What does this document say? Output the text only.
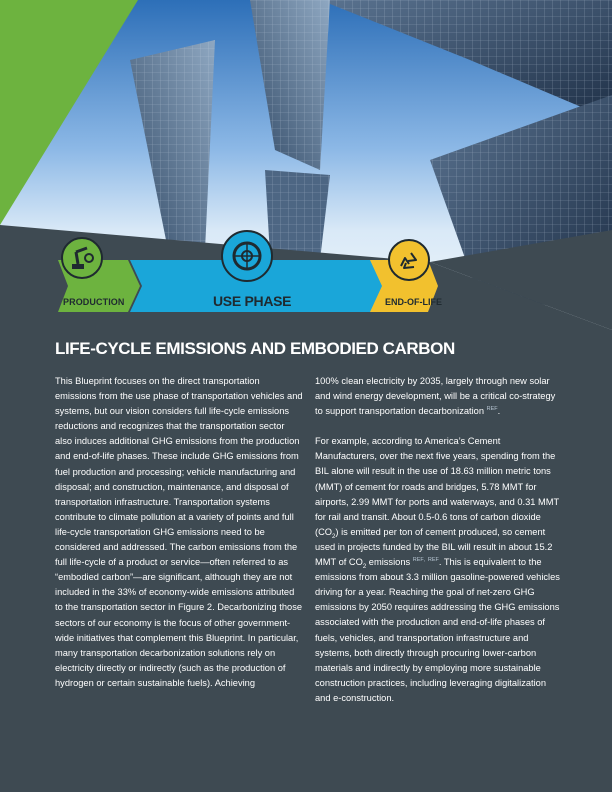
PRODUCTION	USE PHASE	END-OF-LIFE
LIFE-CYCLE EMISSIONS AND EMBODIED CARBON

This Blueprint focuses on the direct transportation emissions from the use phase of transportation vehicles and systems, but our vision considers full life-cycle emissions reductions and recognizes that the transportation sector also induces additional GHG emissions from the production and end-of-life phases. These include GHG emissions from fuel production and processing; vehicle manufacturing and disposal; and construction, maintenance, and disposal of transportation infrastructure. Transportation systems contribute to climate pollution at a variety of points and full life-cycle transportation GHG emissions need to be considered and addressed. The carbon emissions from the full life-cycle of a product or service—often referred to as “embodied carbon”—are significant, although they are not included in the 33% of economy-wide emissions attributed to the transportation sector in Figure 2. Decarbonizing those sectors of our economy is the focus of other government-wide initiatives that complement this Blueprint. In particular, many transportation decarbonization solutions rely on electricity directly or indirectly (such as the production of hydrogen or certain sustainable fuels). Achieving

100% clean electricity by 2035, largely through new solar and wind energy development, will be a critical co-strategy to support transportation decarbonization $^{REF}$.

For example, according to America’s Cement Manufacturers, over the next five years, spending from the BIL alone will result in the use of 18.63 million metric tons (MMT) of cement for roads and bridges, 5.78 MMT for airports, 2.99 MMT for ports and waterways, and 0.31 MMT for rail and transit. About 0.5-0.6 tons of carbon dioxide $(CO_2)$ is emitted per ton of cement produced, so cement used in projects funded by the BIL will result in about 15.2 MMT of $CO_2$ emissions $^{REF,}$ $^{REF}$. This is equivalent to the emissions from about 3.3 million gasoline-powered vehicles driving for a year. Reaching the goal of net-zero GHG emissions by 2050 requires addressing the GHG emissions associated with the production and end-of-life phases of fuels, vehicles, and transportation infrastructure and systems, both directly through procuring lower-carbon materials and indirectly by employing more sustainable construction practices, including leveraging digitalization and e-construction.
